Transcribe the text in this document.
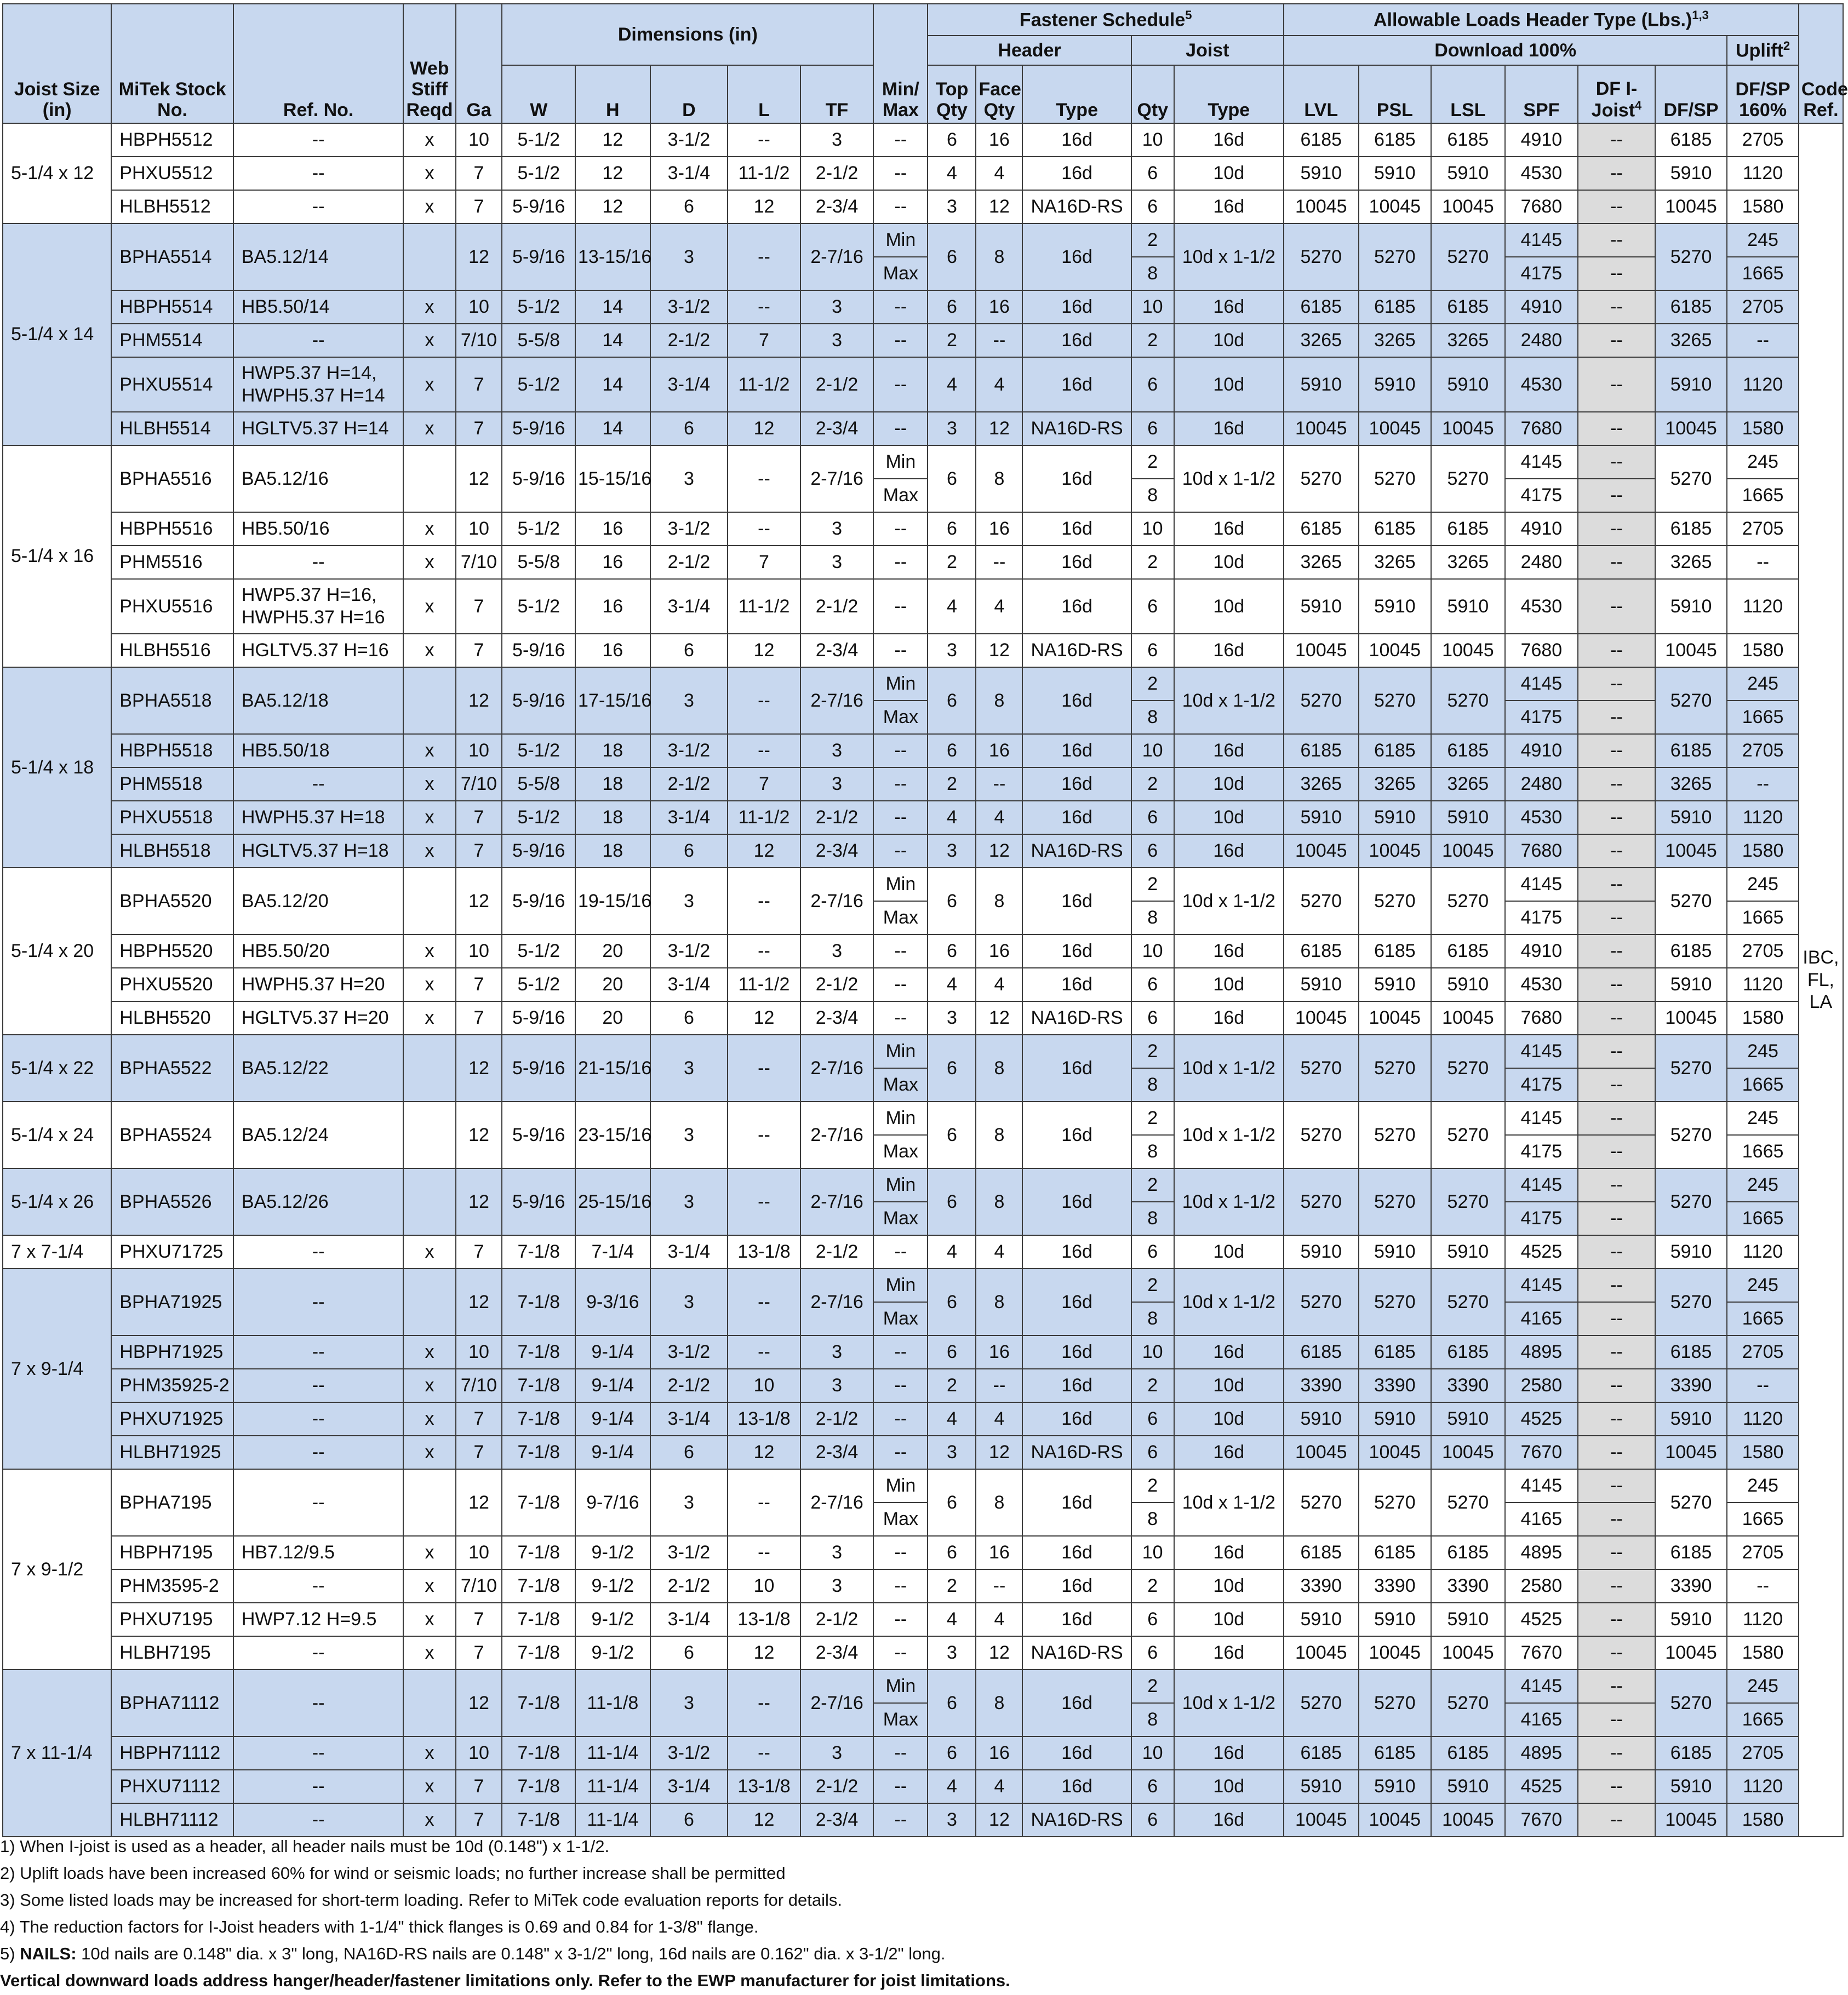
Joist Size (in)	MiTek Stock No.	Ref. No.	Web Stiff Reqd	Ga	Dimensions (in)					Min/ Max	Fastener Schedule$^5$					Allowable Loads Header Type $(Lbs.)^{1,3}$							Code Ref.
											Header			Joist		Download 100%						Uplift$^2$
					W	H	D	L	TF		Top Qty	Face Qty	Type	Qty	Type	LVL	PSL	LSL	SPF	DF I-Joist$^4$	DF/SP	DF/SP 160%	

5-1/4 x 12	HBPH5512	--	x	10	5-1/2	12	3-1/2	--	3	--	6	16	16d	10	16d	6185	6185	6185	4910	--	6185	2705	IBC, FL, LA
	PHXU5512	--	x	7	5-1/2	12	3-1/4	11-1/2	2-1/2	--	4	4	16d	6	10d	5910	5910	5910	4530	--	5910	1120	
	HLBH5512	--	x	7	5-9/16	12	6	12	2-3/4	--	3	12	NA16D-RS	6	16d	10045	10045	10045	7680	--	10045	1580	
5-1/4 x 14	BPHA5514	BA5.12/14		12	5-9/16	13-15/16	3	--	2-7/16	Min	6	8	16d	2	10d x 1-1/2	5270	5270	5270	4145	--	5270	245	
										Max				8					4175	--		1665	
	HBPH5514	HB5.50/14	x	10	5-1/2	14	3-1/2	--	3	--	6	16	16d	10	16d	6185	6185	6185	4910	--	6185	2705	
	PHM5514	--	x	7/10	5-5/8	14	2-1/2	7	3	--	2	--	16d	2	10d	3265	3265	3265	2480	--	3265	--	
	PHXU5514	HWP5.37 H=14, HWPH5.37 H=14	x	7	5-1/2	14	3-1/4	11-1/2	2-1/2	--	4	4	16d	6	10d	5910	5910	5910	4530	--	5910	1120	
	HLBH5514	HGLTV5.37 H=14	x	7	5-9/16	14	6	12	2-3/4	--	3	12	NA16D-RS	6	16d	10045	10045	10045	7680	--	10045	1580	
5-1/4 x 16	BPHA5516	BA5.12/16		12	5-9/16	15-15/16	3	--	2-7/16	Min	6	8	16d	2	10d x 1-1/2	5270	5270	5270	4145	--	5270	245	
										Max				8					4175	--		1665	
	HBPH5516	HB5.50/16	x	10	5-1/2	16	3-1/2	--	3	--	6	16	16d	10	16d	6185	6185	6185	4910	--	6185	2705	
	PHM5516	--	x	7/10	5-5/8	16	2-1/2	7	3	--	2	--	16d	2	10d	3265	3265	3265	2480	--	3265	--	
	PHXU5516	HWP5.37 H=16, HWPH5.37 H=16	x	7	5-1/2	16	3-1/4	11-1/2	2-1/2	--	4	4	16d	6	10d	5910	5910	5910	4530	--	5910	1120	
	HLBH5516	HGLTV5.37 H=16	x	7	5-9/16	16	6	12	2-3/4	--	3	12	NA16D-RS	6	16d	10045	10045	10045	7680	--	10045	1580	
5-1/4 x 18	BPHA5518	BA5.12/18		12	5-9/16	17-15/16	3	--	2-7/16	Min	6	8	16d	2	10d x 1-1/2	5270	5270	5270	4145	--	5270	245	
										Max				8					4175	--		1665	
	HBPH5518	HB5.50/18	x	10	5-1/2	18	3-1/2	--	3	--	6	16	16d	10	16d	6185	6185	6185	4910	--	6185	2705	
	PHM5518	--	x	7/10	5-5/8	18	2-1/2	7	3	--	2	--	16d	2	10d	3265	3265	3265	2480	--	3265	--	
	PHXU5518	HWPH5.37 H=18	x	7	5-1/2	18	3-1/4	11-1/2	2-1/2	--	4	4	16d	6	10d	5910	5910	5910	4530	--	5910	1120	
	HLBH5518	HGLTV5.37 H=18	x	7	5-9/16	18	6	12	2-3/4	--	3	12	NA16D-RS	6	16d	10045	10045	10045	7680	--	10045	1580	
5-1/4 x 20	BPHA5520	BA5.12/20		12	5-9/16	19-15/16	3	--	2-7/16	Min	6	8	16d	2	10d x 1-1/2	5270	5270	5270	4145	--	5270	245	
										Max				8					4175	--		1665	
	HBPH5520	HB5.50/20	x	10	5-1/2	20	3-1/2	--	3	--	6	16	16d	10	16d	6185	6185	6185	4910	--	6185	2705	
	PHXU5520	HWPH5.37 H=20	x	7	5-1/2	20	3-1/4	11-1/2	2-1/2	--	4	4	16d	6	10d	5910	5910	5910	4530	--	5910	1120	
	HLBH5520	HGLTV5.37 H=20	x	7	5-9/16	20	6	12	2-3/4	--	3	12	NA16D-RS	6	16d	10045	10045	10045	7680	--	10045	1580	
5-1/4 x 22	BPHA5522	BA5.12/22		12	5-9/16	21-15/16	3	--	2-7/16	Min	6	8	16d	2	10d x 1-1/2	5270	5270	5270	4145	--	5270	245	
										Max				8					4175	--		1665	
5-1/4 x 24	BPHA5524	BA5.12/24		12	5-9/16	23-15/16	3	--	2-7/16	Min	6	8	16d	2	10d x 1-1/2	5270	5270	5270	4145	--	5270	245	
										Max				8					4175	--		1665	
5-1/4 x 26	BPHA5526	BA5.12/26		12	5-9/16	25-15/16	3	--	2-7/16	Min	6	8	16d	2	10d x 1-1/2	5270	5270	5270	4145	--	5270	245	
										Max				8					4175	--		1665	
7 x 7-1/4	PHXU71725	--	x	7	7-1/8	7-1/4	3-1/4	13-1/8	2-1/2	--	4	4	16d	6	10d	5910	5910	5910	4525	--	5910	1120	
7 x 9-1/4	BPHA71925	--		12	7-1/8	9-3/16	3	--	2-7/16	Min	6	8	16d	2	10d x 1-1/2	5270	5270	5270	4145	--	5270	245	
										Max				8					4165	--		1665	
	HBPH71925	--	x	10	7-1/8	9-1/4	3-1/2	--	3	--	6	16	16d	10	16d	6185	6185	6185	4895	--	6185	2705	
	PHM35925-2	--	x	7/10	7-1/8	9-1/4	2-1/2	10	3	--	2	--	16d	2	10d	3390	3390	3390	2580	--	3390	--	
	PHXU71925	--	x	7	7-1/8	9-1/4	3-1/4	13-1/8	2-1/2	--	4	4	16d	6	10d	5910	5910	5910	4525	--	5910	1120	
	HLBH71925	--	x	7	7-1/8	9-1/4	6	12	2-3/4	--	3	12	NA16D-RS	6	16d	10045	10045	10045	7670	--	10045	1580	
7 x 9-1/2	BPHA7195	--		12	7-1/8	9-7/16	3	--	2-7/16	Min	6	8	16d	2	10d x 1-1/2	5270	5270	5270	4145	--	5270	245	
										Max				8					4165	--		1665	
	HBPH7195	HB7.12/9.5	x	10	7-1/8	9-1/2	3-1/2	--	3	--	6	16	16d	10	16d	6185	6185	6185	4895	--	6185	2705	
	PHM3595-2	--	x	7/10	7-1/8	9-1/2	2-1/2	10	3	--	2	--	16d	2	10d	3390	3390	3390	2580	--	3390	--	
	PHXU7195	HWP7.12 H=9.5	x	7	7-1/8	9-1/2	3-1/4	13-1/8	2-1/2	--	4	4	16d	6	10d	5910	5910	5910	4525	--	5910	1120	
	HLBH7195	--	x	7	7-1/8	9-1/2	6	12	2-3/4	--	3	12	NA16D-RS	6	16d	10045	10045	10045	7670	--	10045	1580	
7 x 11-1/4	BPHA71112	--		12	7-1/8	11-1/8	3	--	2-7/16	Min	6	8	16d	2	10d x 1-1/2	5270	5270	5270	4145	--	5270	245	
										Max				8					4165	--		1665	
	HBPH71112	--	x	10	7-1/8	11-1/4	3-1/2	--	3	--	6	16	16d	10	16d	6185	6185	6185	4895	--	6185	2705	
	PHXU71112	--	x	7	7-1/8	11-1/4	3-1/4	13-1/8	2-1/2	--	4	4	16d	6	10d	5910	5910	5910	4525	--	5910	1120	
	HLBH71112	--	x	7	7-1/8	11-1/4	6	12	2-3/4	--	3	12	NA16D-RS	6	16d	10045	10045	10045	7670	--	10045	1580	
1) When I-joist is used as a header, all header nails must be 10d (0.148") x 1-1/2.
2) Uplift loads have been increased 60% for wind or seismic loads; no further increase shall be permitted
3) Some listed loads may be increased for short-term loading. Refer to MiTek code evaluation reports for details.
4) The reduction factors for I-Joist headers with 1-1/4" thick flanges is 0.69 and 0.84 for 1-3/8" flange.
5) NAILS: 10d nails are 0.148" dia. x 3" long, NA16D-RS nails are 0.148" x 3-1/2" long, 16d nails are 0.162" dia. x 3-1/2" long.
Vertical downward loads address hanger/header/fastener limitations only. Refer to the EWP manufacturer for joist limitations.
